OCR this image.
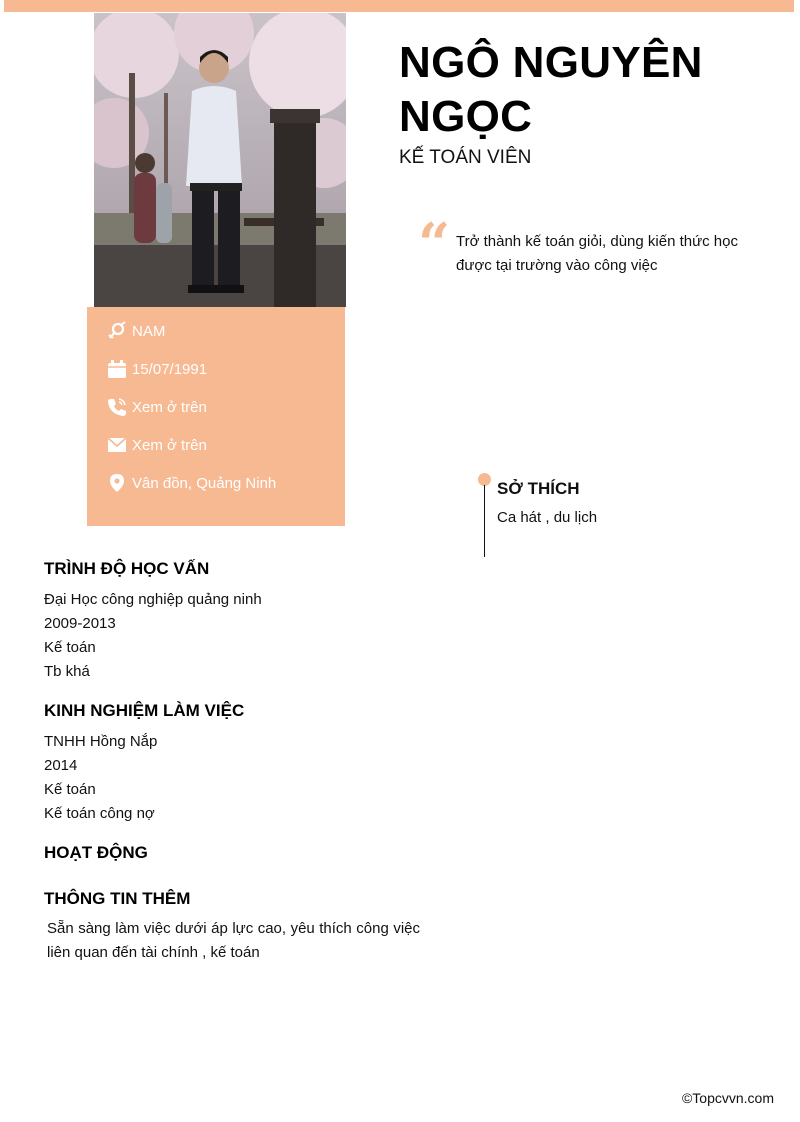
NAM
15/07/1991
Xem ở trên
Xem ở trên
Vân đồn, Quảng Ninh
NGÔ NGUYÊN
NGỌC
KẾ TOÁN VIÊN
“ Trở thành kế toán giỏi, dùng kiến thức học được tại trường vào công việc
SỞ THÍCH
Ca hát , du lịch
TRÌNH ĐỘ HỌC VẤN
Đại Học công nghiệp quảng ninh
2009-2013
Kế toán
Tb khá
KINH NGHIỆM LÀM VIỆC
TNHH Hồng Nắp
2014
Kế toán
Kế toán công nợ
HOẠT ĐỘNG
THÔNG TIN THÊM
Sẵn sàng làm việc dưới áp lực cao, yêu thích công việc liên quan đến tài chính , kế toán
©Topcvvn.com
